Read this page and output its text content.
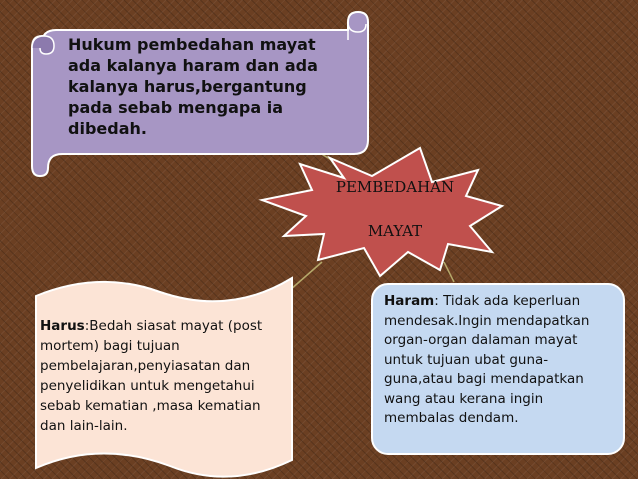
Hukum pembedahan mayat ada kalanya haram dan ada kalanya harus,bergantung pada sebab mengapa ia dibedah.
PEMBEDAHAN
MAYAT
Harus:Bedah siasat mayat (post mortem) bagi tujuan pembelajaran,penyiasatan dan penyelidikan untuk mengetahui sebab kematian ,masa kematian dan lain-lain.
Haram: Tidak ada keperluan mendesak.Ingin mendapatkan organ-organ dalaman mayat untuk tujuan ubat guna-guna,atau bagi mendapatkan wang atau kerana ingin membalas dendam.
